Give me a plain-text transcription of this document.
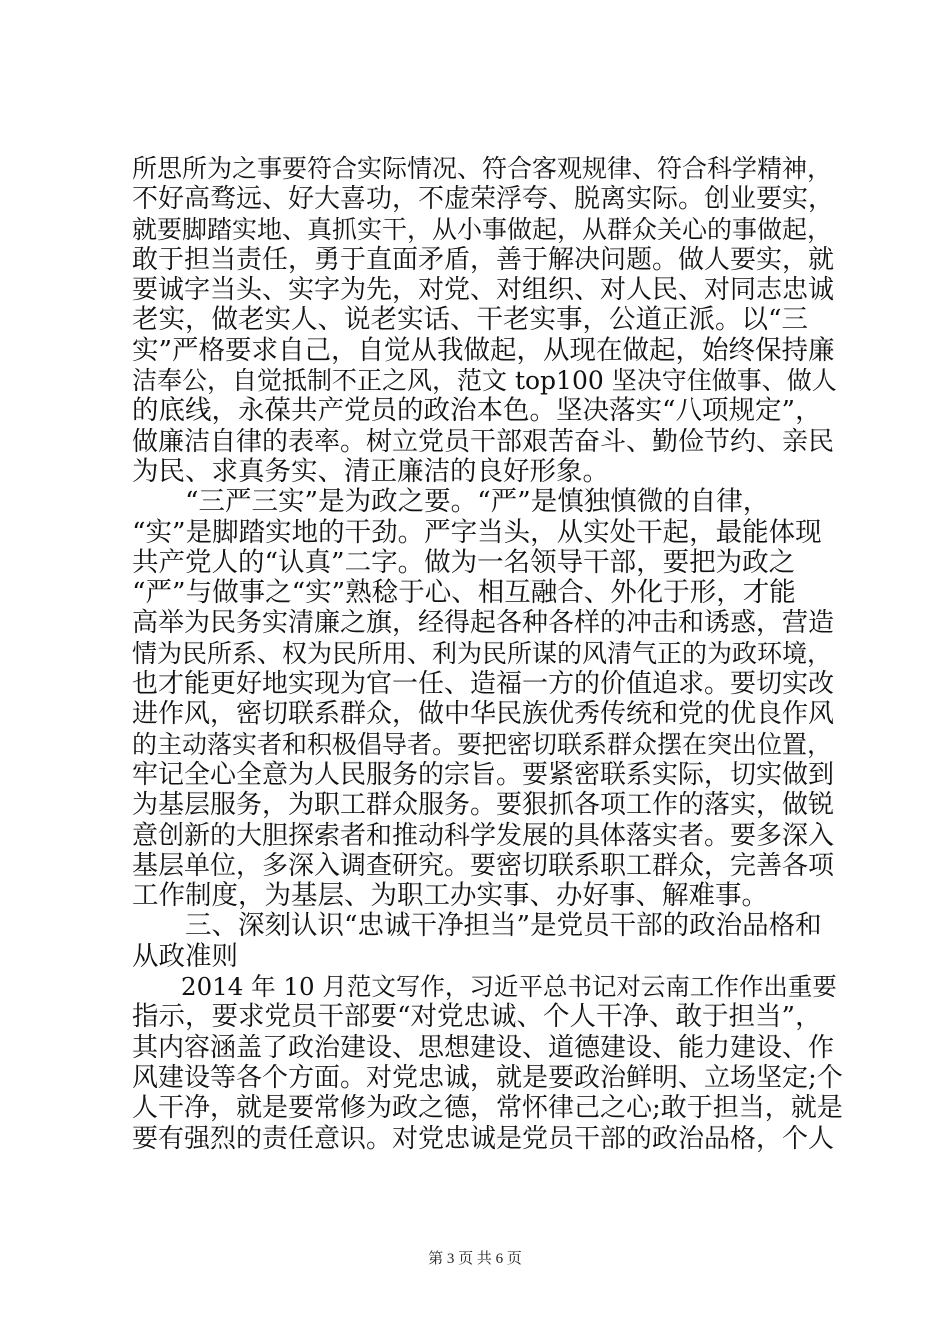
所思所为之事要符合实际情况、符合客观规律、符合科学精神，
不好高骛远、好大喜功，不虚荣浮夸、脱离实际。创业要实，
就要脚踏实地、真抓实干，从小事做起，从群众关心的事做起，
敢于担当责任，勇于直面矛盾，善于解决问题。做人要实，就
要诚字当头、实字为先，对党、对组织、对人民、对同志忠诚
老实，做老实人、说老实话、干老实事，公道正派。以“三
实”严格要求自己，自觉从我做起，从现在做起，始终保持廉
洁奉公，自觉抵制不正之风，范文 top100 坚决守住做事、做人
的底线，永葆共产党员的政治本色。坚决落实“八项规定”，
做廉洁自律的表率。树立党员干部艰苦奋斗、勤俭节约、亲民
为民、求真务实、清正廉洁的良好形象。
　　“三严三实”是为政之要。“严”是慎独慎微的自律，
“实”是脚踏实地的干劲。严字当头，从实处干起，最能体现
共产党人的“认真”二字。做为一名领导干部，要把为政之
“严”与做事之“实”熟稔于心、相互融合、外化于形，才能
高举为民务实清廉之旗，经得起各种各样的冲击和诱惑，营造
情为民所系、权为民所用、利为民所谋的风清气正的为政环境，
也才能更好地实现为官一任、造福一方的价值追求。要切实改
进作风，密切联系群众，做中华民族优秀传统和党的优良作风
的主动落实者和积极倡导者。要把密切联系群众摆在突出位置，
牢记全心全意为人民服务的宗旨。要紧密联系实际，切实做到
为基层服务，为职工群众服务。要狠抓各项工作的落实，做锐
意创新的大胆探索者和推动科学发展的具体落实者。要多深入
基层单位，多深入调查研究。要密切联系职工群众，完善各项
工作制度，为基层、为职工办实事、办好事、解难事。
　　三、深刻认识“忠诚干净担当”是党员干部的政治品格和
从政准则
　　2014 年 10 月范文写作，习近平总书记对云南工作作出重要
指示，要求党员干部要“对党忠诚、个人干净、敢于担当”，
其内容涵盖了政治建设、思想建设、道德建设、能力建设、作
风建设等各个方面。对党忠诚，就是要政治鲜明、立场坚定;个
人干净，就是要常修为政之德，常怀律己之心;敢于担当，就是
要有强烈的责任意识。对党忠诚是党员干部的政治品格，个人
第 3 页 共 6 页
